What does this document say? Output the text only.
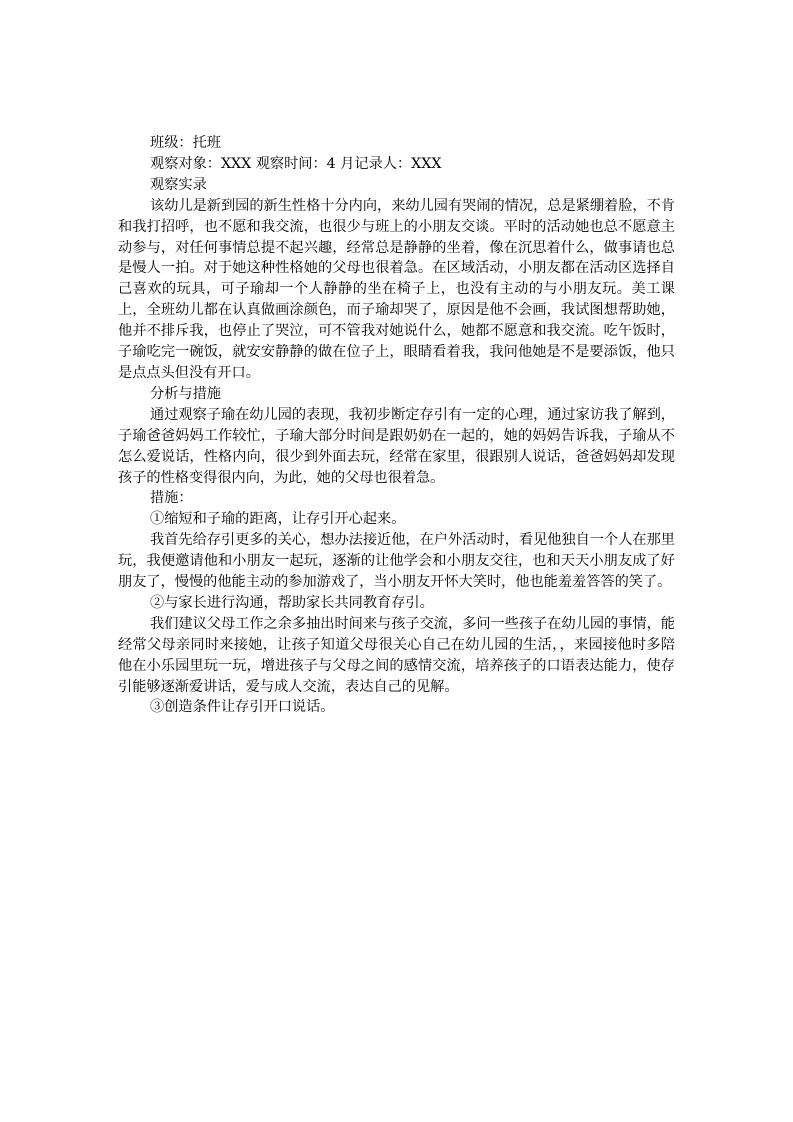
班级：托班
观察对象：XXX 观察时间：4 月记录人：XXX
观察实录
该幼儿是新到园的新生性格十分内向，来幼儿园有哭闹的情况，总是紧绷着脸，不肯和我打招呼，也不愿和我交流，也很少与班上的小朋友交谈。平时的活动她也总不愿意主动参与，对任何事情总提不起兴趣，经常总是静静的坐着，像在沉思着什么，做事请也总是慢人一拍。对于她这种性格她的父母也很着急。在区域活动，小朋友都在活动区选择自己喜欢的玩具，可子瑜却一个人静静的坐在椅子上，也没有主动的与小朋友玩。美工课上，全班幼儿都在认真做画涂颜色，而子瑜却哭了，原因是他不会画，我试图想帮助她，他并不排斥我，也停止了哭泣，可不管我对她说什么，她都不愿意和我交流。吃午饭时，子瑜吃完一碗饭，就安安静静的做在位子上，眼睛看着我，我问他她是不是要添饭，他只是点点头但没有开口。
分析与措施
通过观察子瑜在幼儿园的表现，我初步断定存引有一定的心理，通过家访我了解到，子瑜爸爸妈妈工作较忙，子瑜大部分时间是跟奶奶在一起的，她的妈妈告诉我，子瑜从不怎么爱说话，性格内向，很少到外面去玩，经常在家里，很跟别人说话，爸爸妈妈却发现孩子的性格变得很内向，为此，她的父母也很着急。
措施：
①缩短和子瑜的距离，让存引开心起来。
我首先给存引更多的关心，想办法接近他，在户外活动时，看见他独自一个人在那里玩，我便邀请他和小朋友一起玩，逐渐的让他学会和小朋友交往，也和天天小朋友成了好朋友了，慢慢的他能主动的参加游戏了，当小朋友开怀大笑时，他也能羞羞答答的笑了。
②与家长进行沟通，帮助家长共同教育存引。
我们建议父母工作之余多抽出时间来与孩子交流，多问一些孩子在幼儿园的事情，能经常父母亲同时来接她，让孩子知道父母很关心自己在幼儿园的生活，，来园接他时多陪他在小乐园里玩一玩，增进孩子与父母之间的感情交流，培养孩子的口语表达能力，使存引能够逐渐爱讲话，爱与成人交流，表达自己的见解。
③创造条件让存引开口说话。
